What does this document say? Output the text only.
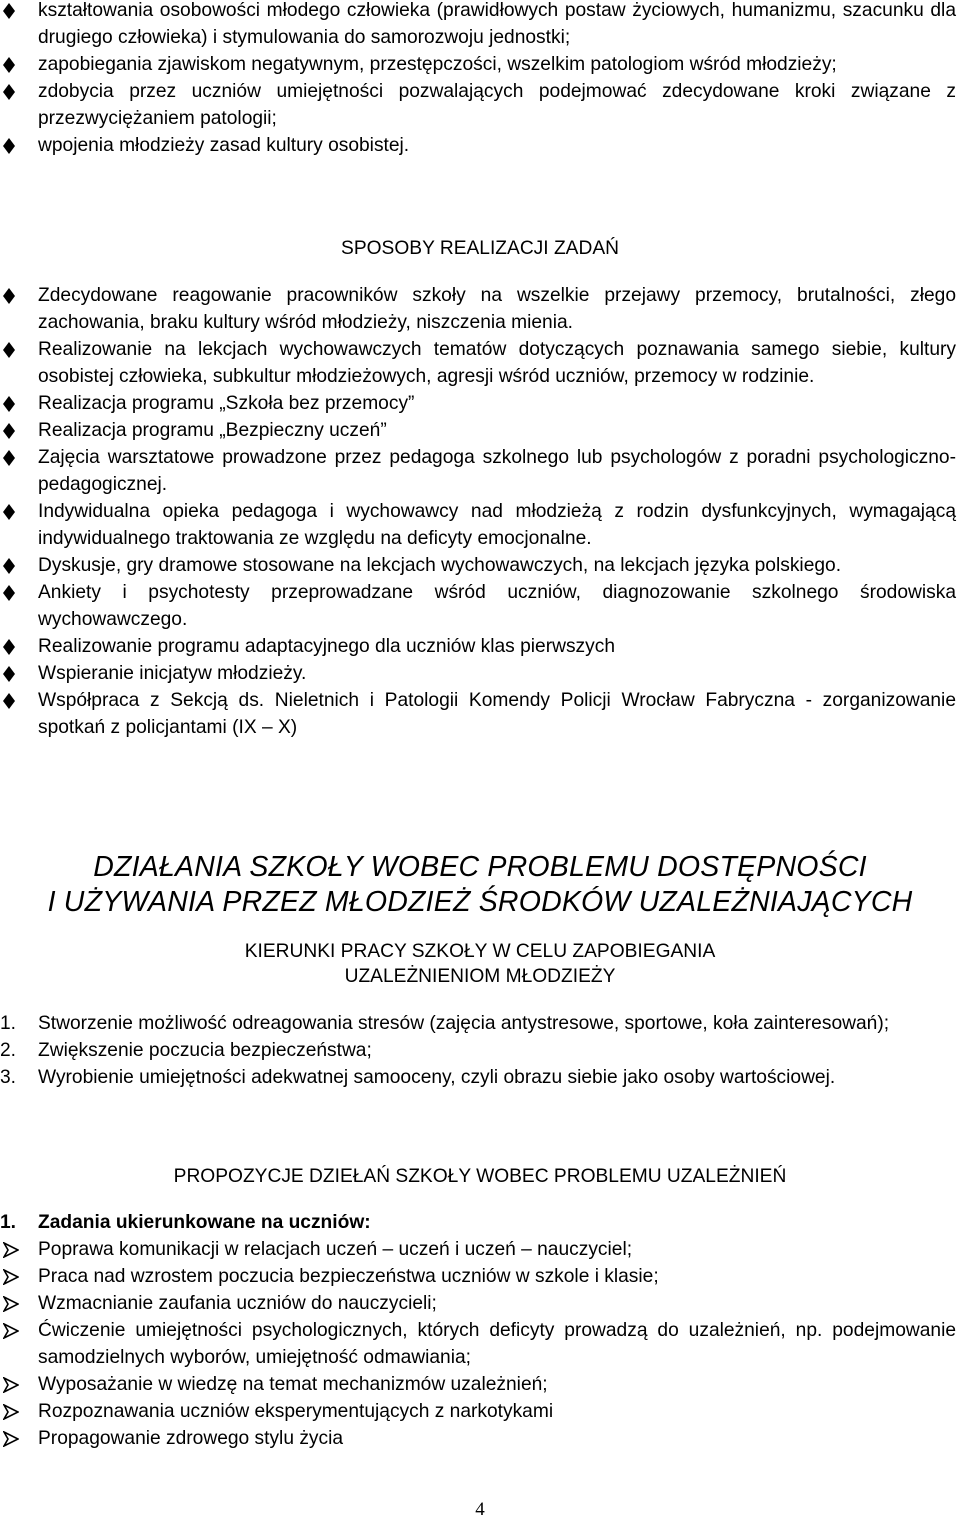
kształtowania osobowości młodego człowieka (prawidłowych postaw życiowych, humanizmu, szacunku dla drugiego człowieka) i stymulowania do samorozwoju jednostki;
zapobiegania zjawiskom negatywnym, przestępczości, wszelkim patologiom wśród młodzieży;
zdobycia przez uczniów umiejętności pozwalających podejmować zdecydowane kroki związane z przezwyciężaniem patologii;
wpojenia młodzieży zasad kultury osobistej.
SPOSOBY REALIZACJI ZADAŃ
Zdecydowane reagowanie pracowników szkoły na wszelkie przejawy przemocy, brutalności, złego zachowania, braku kultury wśród młodzieży, niszczenia mienia.
Realizowanie na lekcjach wychowawczych tematów dotyczących poznawania samego siebie, kultury osobistej człowieka, subkultur młodzieżowych, agresji wśród uczniów, przemocy w rodzinie.
Realizacja programu „Szkoła bez przemocy”
Realizacja programu „Bezpieczny uczeń”
Zajęcia warsztatowe prowadzone przez pedagoga szkolnego lub psychologów z poradni psychologiczno-pedagogicznej.
Indywidualna opieka pedagoga i wychowawcy nad młodzieżą z rodzin dysfunkcyjnych, wymagającą indywidualnego traktowania ze względu na deficyty emocjonalne.
Dyskusje, gry dramowe stosowane na lekcjach wychowawczych, na lekcjach języka polskiego.
Ankiety i psychotesty przeprowadzane wśród uczniów, diagnozowanie szkolnego środowiska wychowawczego.
Realizowanie programu adaptacyjnego dla uczniów klas pierwszych
Wspieranie inicjatyw młodzieży.
Współpraca z Sekcją ds. Nieletnich i Patologii Komendy Policji Wrocław Fabryczna - zorganizowanie spotkań z policjantami (IX – X)
DZIAŁANIA SZKOŁY WOBEC PROBLEMU DOSTĘPNOŚCI
I UŻYWANIA PRZEZ MŁODZIEŻ ŚRODKÓW UZALEŻNIAJĄCYCH
KIERUNKI PRACY SZKOŁY W CELU ZAPOBIEGANIA
UZALEŻNIENIOM MŁODZIEŻY
1. Stworzenie możliwość odreagowania stresów (zajęcia antystresowe, sportowe, koła zainteresowań);
2. Zwiększenie poczucia bezpieczeństwa;
3. Wyrobienie umiejętności adekwatnej samooceny, czyli obrazu siebie jako osoby wartościowej.
PROPOZYCJE DZIEŁAŃ SZKOŁY WOBEC PROBLEMU UZALEŻNIEŃ
1. Zadania ukierunkowane na uczniów:
Poprawa komunikacji w relacjach uczeń – uczeń i uczeń – nauczyciel;
Praca nad wzrostem poczucia bezpieczeństwa uczniów w szkole i klasie;
Wzmacnianie zaufania uczniów do nauczycieli;
Ćwiczenie umiejętności psychologicznych, których deficyty prowadzą do uzależnień, np. podejmowanie samodzielnych wyborów, umiejętność odmawiania;
Wyposażanie w wiedzę na temat mechanizmów uzależnień;
Rozpoznawania uczniów eksperymentujących z narkotykami
Propagowanie zdrowego stylu życia
4
